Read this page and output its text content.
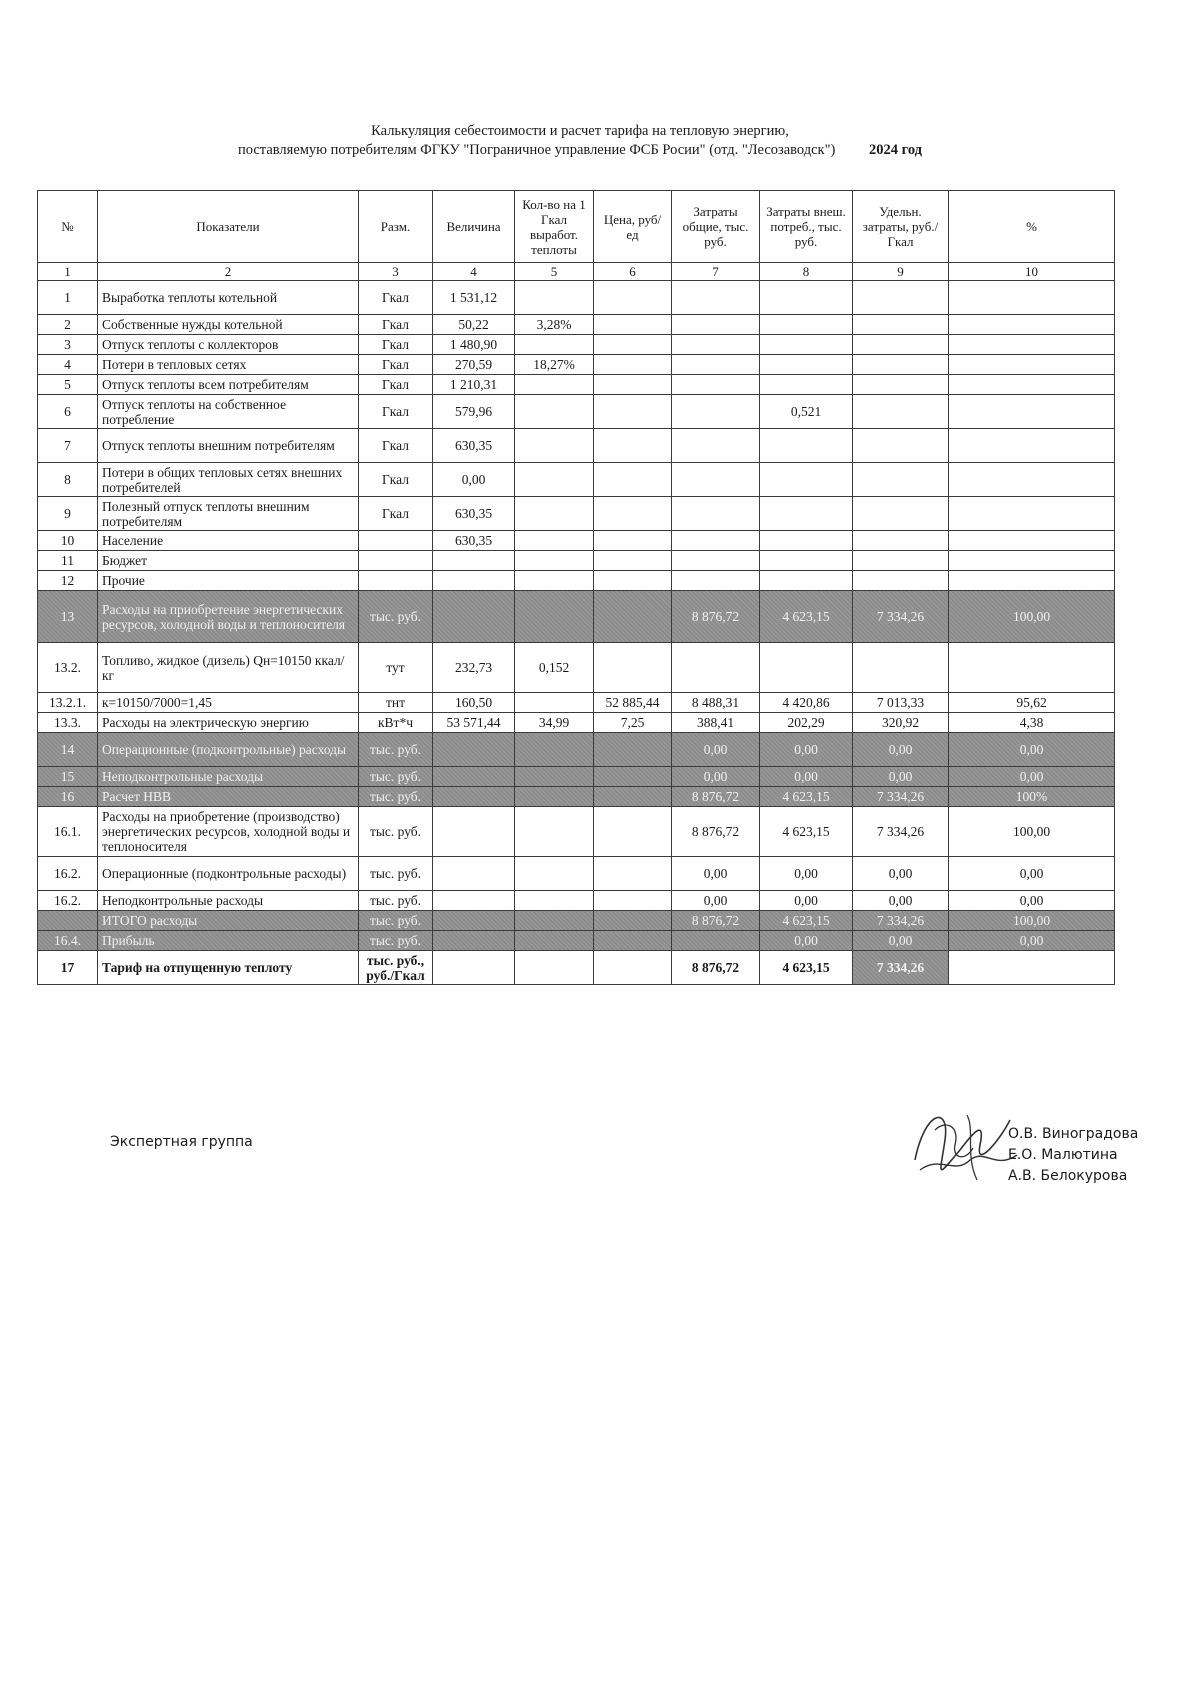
Калькуляция себестоимости и расчет тарифа на тепловую энергию,
поставляемую потребителям ФГКУ "Пограничное управление ФСБ Росии" (отд. "Лесозаводск") 2024 год
№	Показатели	Разм.	Величина	Кол-во на 1 Гкал выработ. теплоты	Цена, руб/ед	Затраты общие, тыс. руб.	Затраты внеш. потреб., тыс. руб.	Удельн. затраты, руб./Гкал	%
1	2	3	4	5	6	7	8	9	10
1	Выработка теплоты котельной	Гкал	1 531,12						
2	Собственные нужды котельной	Гкал	50,22	3,28%					
3	Отпуск теплоты с коллекторов	Гкал	1 480,90						
4	Потери в тепловых сетях	Гкал	270,59	18,27%					
5	Отпуск теплоты всем потребителям	Гкал	1 210,31						
6	Отпуск теплоты на собственное потребление	Гкал	579,96				0,521		
7	Отпуск теплоты внешним потребителям	Гкал	630,35						
8	Потери в общих тепловых сетях внешних потребителей	Гкал	0,00						
9	Полезный отпуск теплоты внешним потребителям	Гкал	630,35						
10	Население		630,35						
11	Бюджет								
12	Прочие								
13	Расходы на приобретение энергетических ресурсов, холодной воды и теплоносителя	тыс. руб.				8 876,72	4 623,15	7 334,26	100,00
13.2.	Топливо, жидкое (дизель) Qн=10150 ккал/кг	тут	232,73	0,152					
13.2.1.	к=10150/7000=1,45	тнт	160,50		52 885,44	8 488,31	4 420,86	7 013,33	95,62
13.3.	Расходы на электрическую энергию	кВт*ч	53 571,44	34,99	7,25	388,41	202,29	320,92	4,38
14	Операционные (подконтрольные) расходы	тыс. руб.				0,00	0,00	0,00	0,00
15	Неподконтрольные расходы	тыс. руб.				0,00	0,00	0,00	0,00
16	Расчет НВВ	тыс. руб.				8 876,72	4 623,15	7 334,26	100%
16.1.	Расходы на приобретение (производство) энергетических ресурсов, холодной воды и теплоносителя	тыс. руб.				8 876,72	4 623,15	7 334,26	100,00
16.2.	Операционные (подконтрольные расходы)	тыс. руб.				0,00	0,00	0,00	0,00
16.2.	Неподконтрольные расходы	тыс. руб.				0,00	0,00	0,00	0,00
	ИТОГО расходы	тыс. руб.				8 876,72	4 623,15	7 334,26	100,00
16.4.	Прибыль	тыс. руб.					0,00	0,00	0,00
17	Тариф на отпущенную теплоту	тыс. руб., руб./Гкал				8 876,72	4 623,15	7 334,26	
Экспертная группа	О.В. Виноградова
Е.О. Малютина
А.В. Белокурова
